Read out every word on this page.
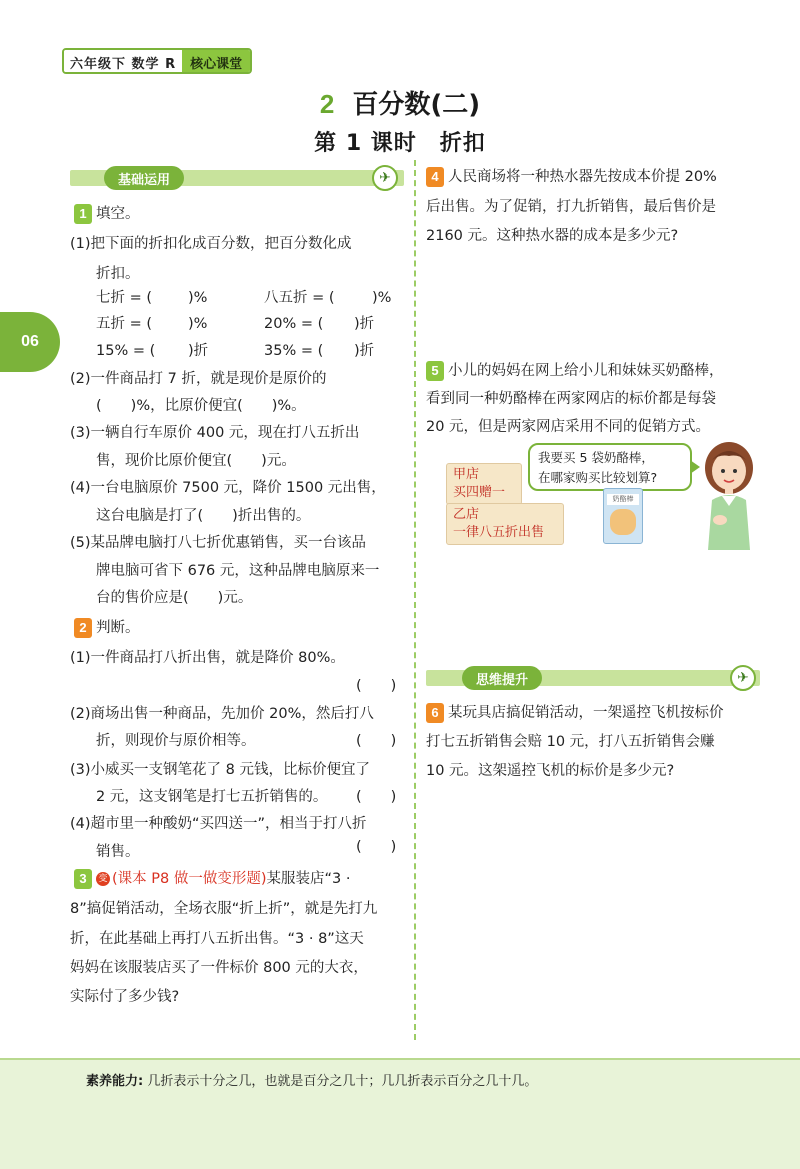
六年级下 数学 R	核心课堂
2 百分数(二)
第 1 课时　折扣
06
基础运用	✈
1 填空。
(1)把下面的折扣化成百分数，把百分数化成
折扣。
七折 = ( )%	八五折 = (	)%
五折 = ( )%	20% = ( )折
15% = ( )折	35% = ( )折
(2)一件商品打 7 折，就是现价是原价的
(　　)%，比原价便宜(　　)%。
(3)一辆自行车原价 400 元，现在打八五折出
售，现价比原价便宜(　　)元。
(4)一台电脑原价 7500 元，降价 1500 元出售，
这台电脑是打了(　　)折出售的。
(5)某品牌电脑打八七折优惠销售，买一台该品
牌电脑可省下 676 元，这种品牌电脑原来一
台的售价应是(　　)元。
2 判断。
(1)一件商品打八折出售，就是降价 80%。
(　　)
(2)商场出售一种商品，先加价 20%，然后打八
折，则现价与原价相等。	(　　)
(3)小威买一支钢笔花了 8 元钱，比标价便宜了
2 元，这支钢笔是打七五折销售的。 (　　)
(4)超市里一种酸奶“买四送一”，相当于打八折
销售。	(　　)
3 变 (课本 P8 做一做变形题)某服装店“3 ·
8”搞促销活动，全场衣服“折上折”，就是先打九
折，在此基础上再打八五折出售。“3 · 8”这天
妈妈在该服装店买了一件标价 800 元的大衣，
实际付了多少钱?
4 人民商场将一种热水器先按成本价提 20%
后出售。为了促销，打九折销售，最后售价是
2160 元。这种热水器的成本是多少元?
5 小儿的妈妈在网上给小儿和妹妹买奶酪棒，
看到同一种奶酪棒在两家网店的标价都是每袋
20 元，但是两家网店采用不同的促销方式。
甲店
买四赠一
乙店
一律八五折出售
我要买 5 袋奶酪棒，
在哪家购买比较划算?
奶酪棒
思维提升	✈
6 某玩具店搞促销活动，一架遥控飞机按标价
打七五折销售会赔 10 元，打八五折销售会赚
10 元。这架遥控飞机的标价是多少元?
素养能力: 几折表示十分之几，也就是百分之几十；几几折表示百分之几十几。
